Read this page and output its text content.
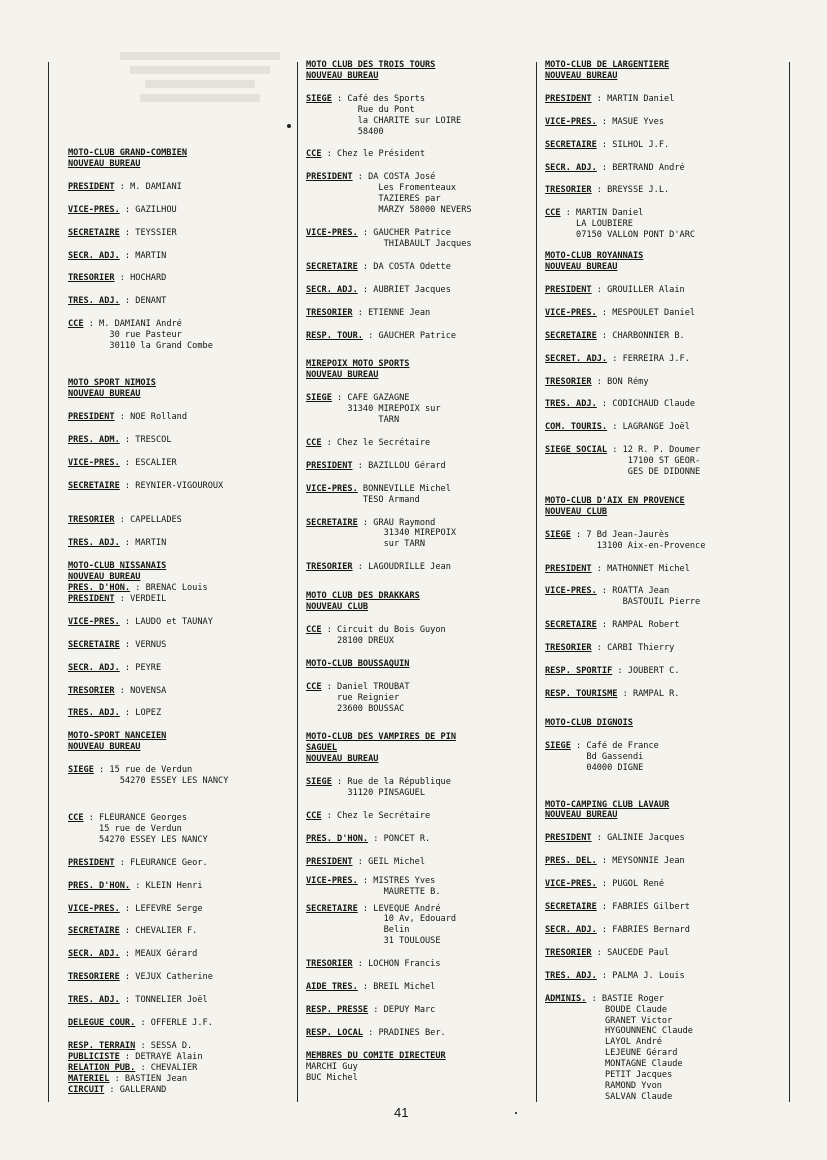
MOTO-CLUB GRAND-COMBIEN
NOUVEAU BUREAU
PRESIDENT : M. DAMIANI
VICE-PRES. : GAZILHOU
SECRETAIRE : TEYSSIER
SECR. ADJ. : MARTIN
TRESORIER : HOCHARD
TRES. ADJ. : DENANT
CCE : M. DAMIANI André
30 rue Pasteur
30110 la Grand Combe
MOTO SPORT NIMOIS
NOUVEAU BUREAU
PRESIDENT : NOE Rolland
PRES. ADM. : TRESCOL
VICE-PRES. : ESCALIER
SECRETAIRE : REYNIER-VIGOUROUX
TRESORIER : CAPELLADES
TRES. ADJ. : MARTIN
MOTO-CLUB NISSANAIS
NOUVEAU BUREAU
PRES. D'HON. : BRENAC Louis
PRESIDENT : VERDEIL
VICE-PRES. : LAUDO et TAUNAY
SECRETAIRE : VERNUS
SECR. ADJ. : PEYRE
TRESORIER : NOVENSA
TRES. ADJ. : LOPEZ
MOTO-SPORT NANCEIEN
NOUVEAU BUREAU
SIEGE : 15 rue de Verdun
54270 ESSEY LES NANCY
CCE : FLEURANCE Georges
15 rue de Verdun
54270 ESSEY LES NANCY
PRESIDENT : FLEURANCE Geor.
PRES. D'HON. : KLEIN Henri
VICE-PRES. : LEFEVRE Serge
SECRETAIRE : CHEVALIER F.
SECR. ADJ. : MEAUX Gérard
TRESORIERE : VEJUX Catherine
TRES. ADJ. : TONNELIER Joël
DELEGUE COUR. : OFFERLE J.F.
RESP. TERRAIN : SESSA D.
PUBLICISTE : DETRAYE Alain
RELATION PUB. : CHEVALIER
MATERIEL : BASTIEN Jean
CIRCUIT : GALLERAND
MOTO CLUB DES TROIS TOURS
NOUVEAU BUREAU
SIEGE : Café des Sports
Rue du Pont
la CHARITE sur LOIRE
58400
CCE : Chez le Président
PRESIDENT : DA COSTA José
Les Fromenteaux
TAZIERES par
MARZY 58000 NEVERS
VICE-PRES. : GAUCHER Patrice
THIABAULT Jacques
SECRETAIRE : DA COSTA Odette
SECR. ADJ. : AUBRIET Jacques
TRESORIER : ETIENNE Jean
RESP. TOUR. : GAUCHER Patrice
MIREPOIX MOTO SPORTS
NOUVEAU BUREAU
SIEGE : CAFE GAZAGNE
31340 MIREPOIX sur
TARN
CCE : Chez le Secrétaire
PRESIDENT : BAZILLOU Gérard
VICE-PRES. BONNEVILLE Michel
TESO Armand
SECRETAIRE : GRAU Raymond
31340 MIREPOIX
sur TARN
TRESORIER : LAGOUDRILLE Jean
MOTO CLUB DES DRAKKARS
NOUVEAU CLUB
CCE : Circuit du Bois Guyon
28100 DREUX
MOTO-CLUB BOUSSAQUIN
CCE : Daniel TROUBAT
rue Reignier
23600 BOUSSAC
MOTO-CLUB DES VAMPIRES DE PIN
SAGUEL
NOUVEAU BUREAU
SIEGE : Rue de la République
31120 PINSAGUEL
CCE : Chez le Secrétaire
PRES. D'HON. : PONCET R.
PRESIDENT : GEIL Michel
VICE-PRES. : MISTRES Yves
MAURETTE B.
SECRETAIRE : LEVEQUE André
10 Av, Edouard
Belin
31 TOULOUSE
TRESORIER : LOCHON Francis
AIDE TRES. : BREIL Michel
RESP. PRESSE : DEPUY Marc
RESP. LOCAL : PRADINES Ber.
MEMBRES DU COMITE DIRECTEUR
MARCHI Guy
BUC Michel
MOTO-CLUB DE LARGENTIERE
NOUVEAU BUREAU
PRESIDENT : MARTIN Daniel
VICE-PRES. : MASUE Yves
SECRETAIRE : SILHOL J.F.
SECR. ADJ. : BERTRAND André
TRESORIER : BREYSSE J.L.
CCE : MARTIN Daniel
LA LOUBIERE
07150 VALLON PONT D'ARC
MOTO-CLUB ROYANNAIS
NOUVEAU BUREAU
PRESIDENT : GROUILLER Alain
VICE-PRES. : MESPOULET Daniel
SECRETAIRE : CHARBONNIER B.
SECRET. ADJ. : FERREIRA J.F.
TRESORIER : BON Rémy
TRES. ADJ. : CODICHAUD Claude
COM. TOURIS. : LAGRANGE Joël
SIEGE SOCIAL : 12 R. P. Doumer
17100 ST GEOR-
GES DE DIDONNE
MOTO-CLUB D'AIX EN PROVENCE
NOUVEAU CLUB
SIEGE : 7 Bd Jean-Jaurès
13100 Aix-en-Provence
PRESIDENT : MATHONNET Michel
VICE-PRES. : ROATTA Jean
BASTOUIL Pierre
SECRETAIRE : RAMPAL Robert
TRESORIER : CARBI Thierry
RESP. SPORTIF : JOUBERT C.
RESP. TOURISME : RAMPAL R.
MOTO-CLUB DIGNOIS
SIEGE : Café de France
Bd Gassendi
04000 DIGNE
MOTO-CAMPING CLUB LAVAUR
NOUVEAU BUREAU
PRESIDENT : GALINIE Jacques
PRES. DEL. : MEYSONNIE Jean
VICE-PRES. : PUGOL René
SECRETAIRE : FABRIES Gilbert
SECR. ADJ. : FABRIES Bernard
TRESORIER : SAUCEDE Paul
TRES. ADJ. : PALMA J. Louis
ADMINIS. : BASTIE Roger
BOUDE Claude
GRANET Victor
HYGOUNNENC Claude
LAYOL André
LEJEUNE Gérard
MONTAGNE Claude
PETIT Jacques
RAMOND Yvon
SALVAN Claude
41
